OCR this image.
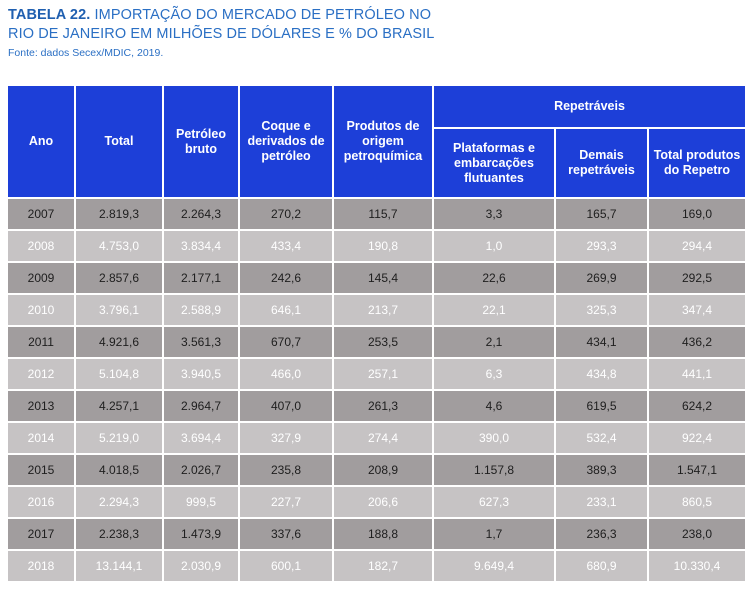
TABELA 22. IMPORTAÇÃO DO MERCADO DE PETRÓLEO NO
RIO DE JANEIRO EM MILHÕES DE DÓLARES E % DO BRASIL
Fonte: dados Secex/MDIC, 2019.
Ano	Total	Petróleo bruto	Coque e derivados de petróleo	Produtos de origem petroquímica	Repetráveis		
					Plataformas e embarcações flutuantes	Demais repetráveis	Total produtos do Repetro
2007	2.819,3	2.264,3	270,2	115,7	3,3	165,7	169,0
2008	4.753,0	3.834,4	433,4	190,8	1,0	293,3	294,4
2009	2.857,6	2.177,1	242,6	145,4	22,6	269,9	292,5
2010	3.796,1	2.588,9	646,1	213,7	22,1	325,3	347,4
2011	4.921,6	3.561,3	670,7	253,5	2,1	434,1	436,2
2012	5.104,8	3.940,5	466,0	257,1	6,3	434,8	441,1
2013	4.257,1	2.964,7	407,0	261,3	4,6	619,5	624,2
2014	5.219,0	3.694,4	327,9	274,4	390,0	532,4	922,4
2015	4.018,5	2.026,7	235,8	208,9	1.157,8	389,3	1.547,1
2016	2.294,3	999,5	227,7	206,6	627,3	233,1	860,5
2017	2.238,3	1.473,9	337,6	188,8	1,7	236,3	238,0
2018	13.144,1	2.030,9	600,1	182,7	9.649,4	680,9	10.330,4
